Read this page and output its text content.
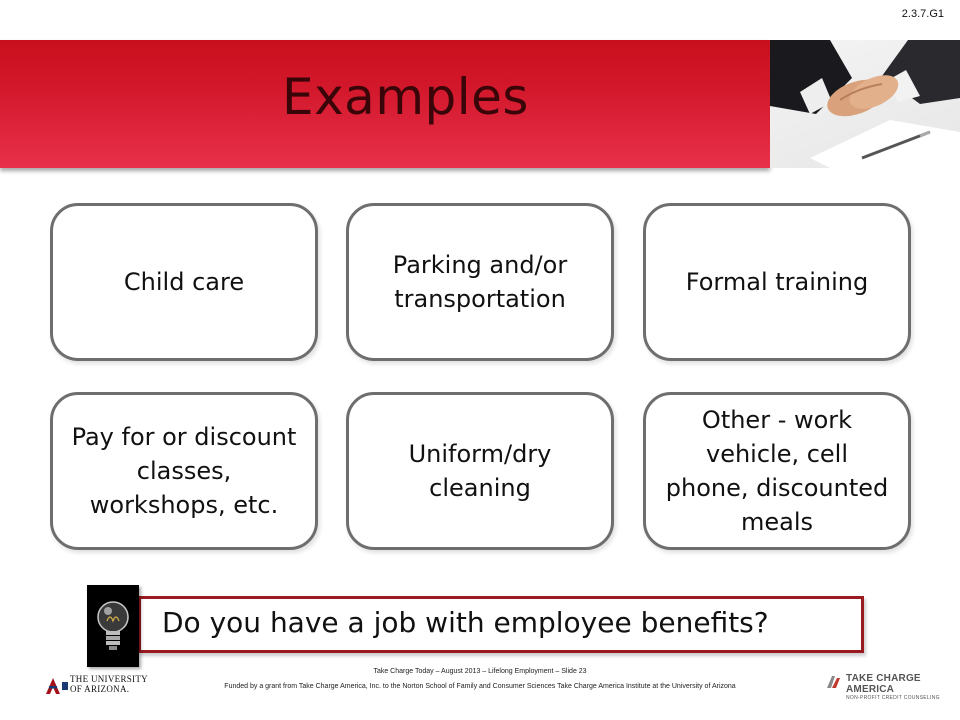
2.3.7.G1
Examples
Child care
Parking and/or transportation
Formal training
Pay for or discount classes, workshops, etc.
Uniform/dry cleaning
Other - work vehicle, cell phone, discounted meals
Do you have a job with employee benefits?
THE UNIVERSITY
OF ARIZONA.
Take Charge Today – August 2013 – Lifelong Employment – Slide 23
Funded by a grant from Take Charge America, Inc. to the Norton School of Family and Consumer Sciences Take Charge America Institute at the University of Arizona
TAKE CHARGE AMERICA
NON-PROFIT CREDIT COUNSELING
